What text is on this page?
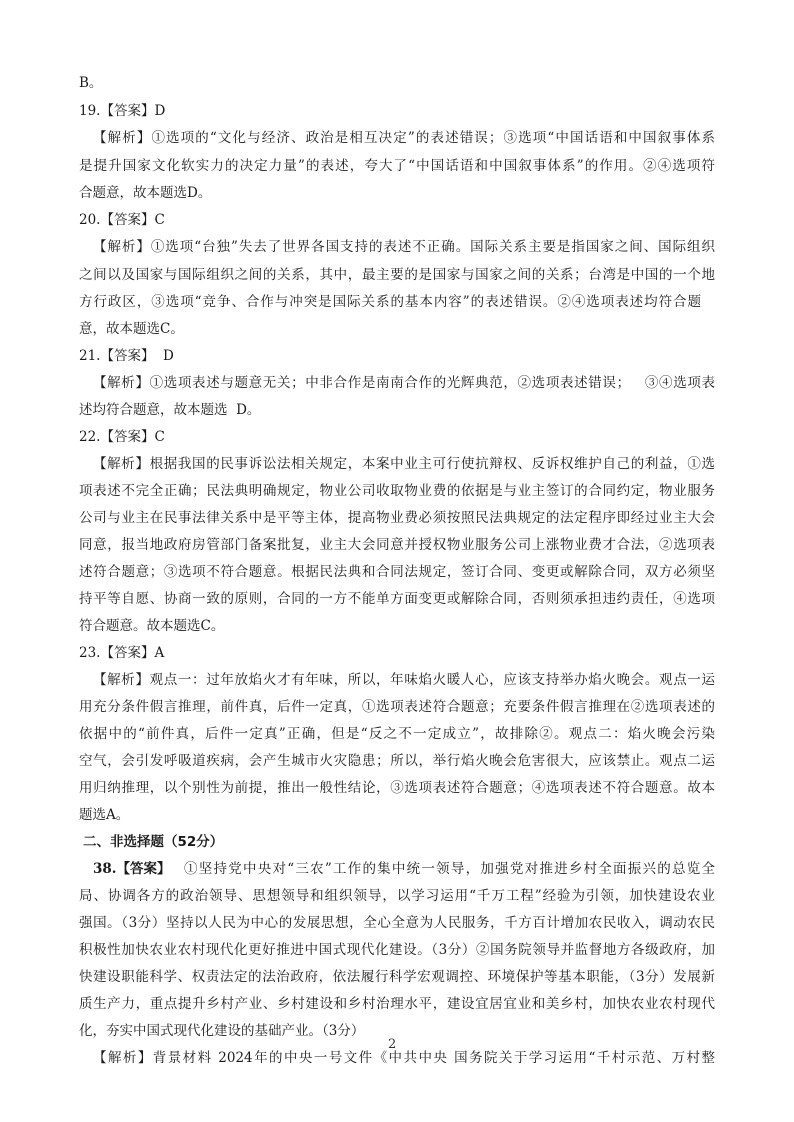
B。
19.【答案】D
【解析】①选项的“文化与经济、政治是相互决定”的表述错误；③选项“中国话语和中国叙事体系
是提升国家文化软实力的决定力量”的表述，夸大了“中国话语和中国叙事体系”的作用。②④选项符
合题意，故本题选D。
20.【答案】C
【解析】①选项“台独”失去了世界各国支持的表述不正确。国际关系主要是指国家之间、国际组织
之间以及国家与国际组织之间的关系，其中，最主要的是国家与国家之间的关系；台湾是中国的一个地
方行政区，③选项“竞争、合作与冲突是国际关系的基本内容”的表述错误。②④选项表述均符合题
意，故本题选C。
21.【答案】  D
【解析】①选项表述与题意无关；中非合作是南南合作的光辉典范，②选项表述错误；   ③④选项表
述均符合题意，故本题选  D。
22.【答案】C
【解析】根据我国的民事诉讼法相关规定，本案中业主可行使抗辩权、反诉权维护自己的利益，①选
项表述不完全正确；民法典明确规定，物业公司收取物业费的依据是与业主签订的合同约定，物业服务
公司与业主在民事法律关系中是平等主体，提高物业费必须按照民法典规定的法定程序即经过业主大会
同意，报当地政府房管部门备案批复，业主大会同意并授权物业服务公司上涨物业费才合法，②选项表
述符合题意；③选项不符合题意。根据民法典和合同法规定，签订合同、变更或解除合同，双方必须坚
持平等自愿、协商一致的原则，合同的一方不能单方面变更或解除合同，否则须承担违约责任，④选项
符合题意。故本题选C。
23.【答案】A
【解析】观点一：过年放焰火才有年味，所以，年味焰火暖人心，应该支持举办焰火晚会。观点一运
用充分条件假言推理，前件真，后件一定真，①选项表述符合题意；充要条件假言推理在②选项表述的
依据中的“前件真，后件一定真”正确，但是“反之不一定成立”，故排除②。观点二：焰火晚会污染
空气，会引发呼吸道疾病，会产生城市火灾隐患；所以，举行焰火晚会危害很大，应该禁止。观点二运
用归纳推理，以个别性为前提，推出一般性结论，③选项表述符合题意；④选项表述不符合题意。故本
题选A。
二、非选择题（52分）
38.【答案】 ①坚持党中央对“三农”工作的集中统一领导，加强党对推进乡村全面振兴的总览全
局、协调各方的政治领导、思想领导和组织领导，以学习运用“千万工程”经验为引领，加快建设农业
强国。（3分）坚持以人民为中心的发展思想，全心全意为人民服务，千方百计增加农民收入，调动农民
积极性加快农业农村现代化更好推进中国式现代化建设。（3分）②国务院领导并监督地方各级政府，加
快建设职能科学、权责法定的法治政府，依法履行科学宏观调控、环境保护等基本职能，（3分）发展新
质生产力，重点提升乡村产业、乡村建设和乡村治理水平，建设宜居宜业和美乡村，加快农业农村现代
化，夯实中国式现代化建设的基础产业。（3分）
【解析】背景材料 2024年的中央一号文件《中共中央 国务院关于学习运用“千村示范、万村整
2
